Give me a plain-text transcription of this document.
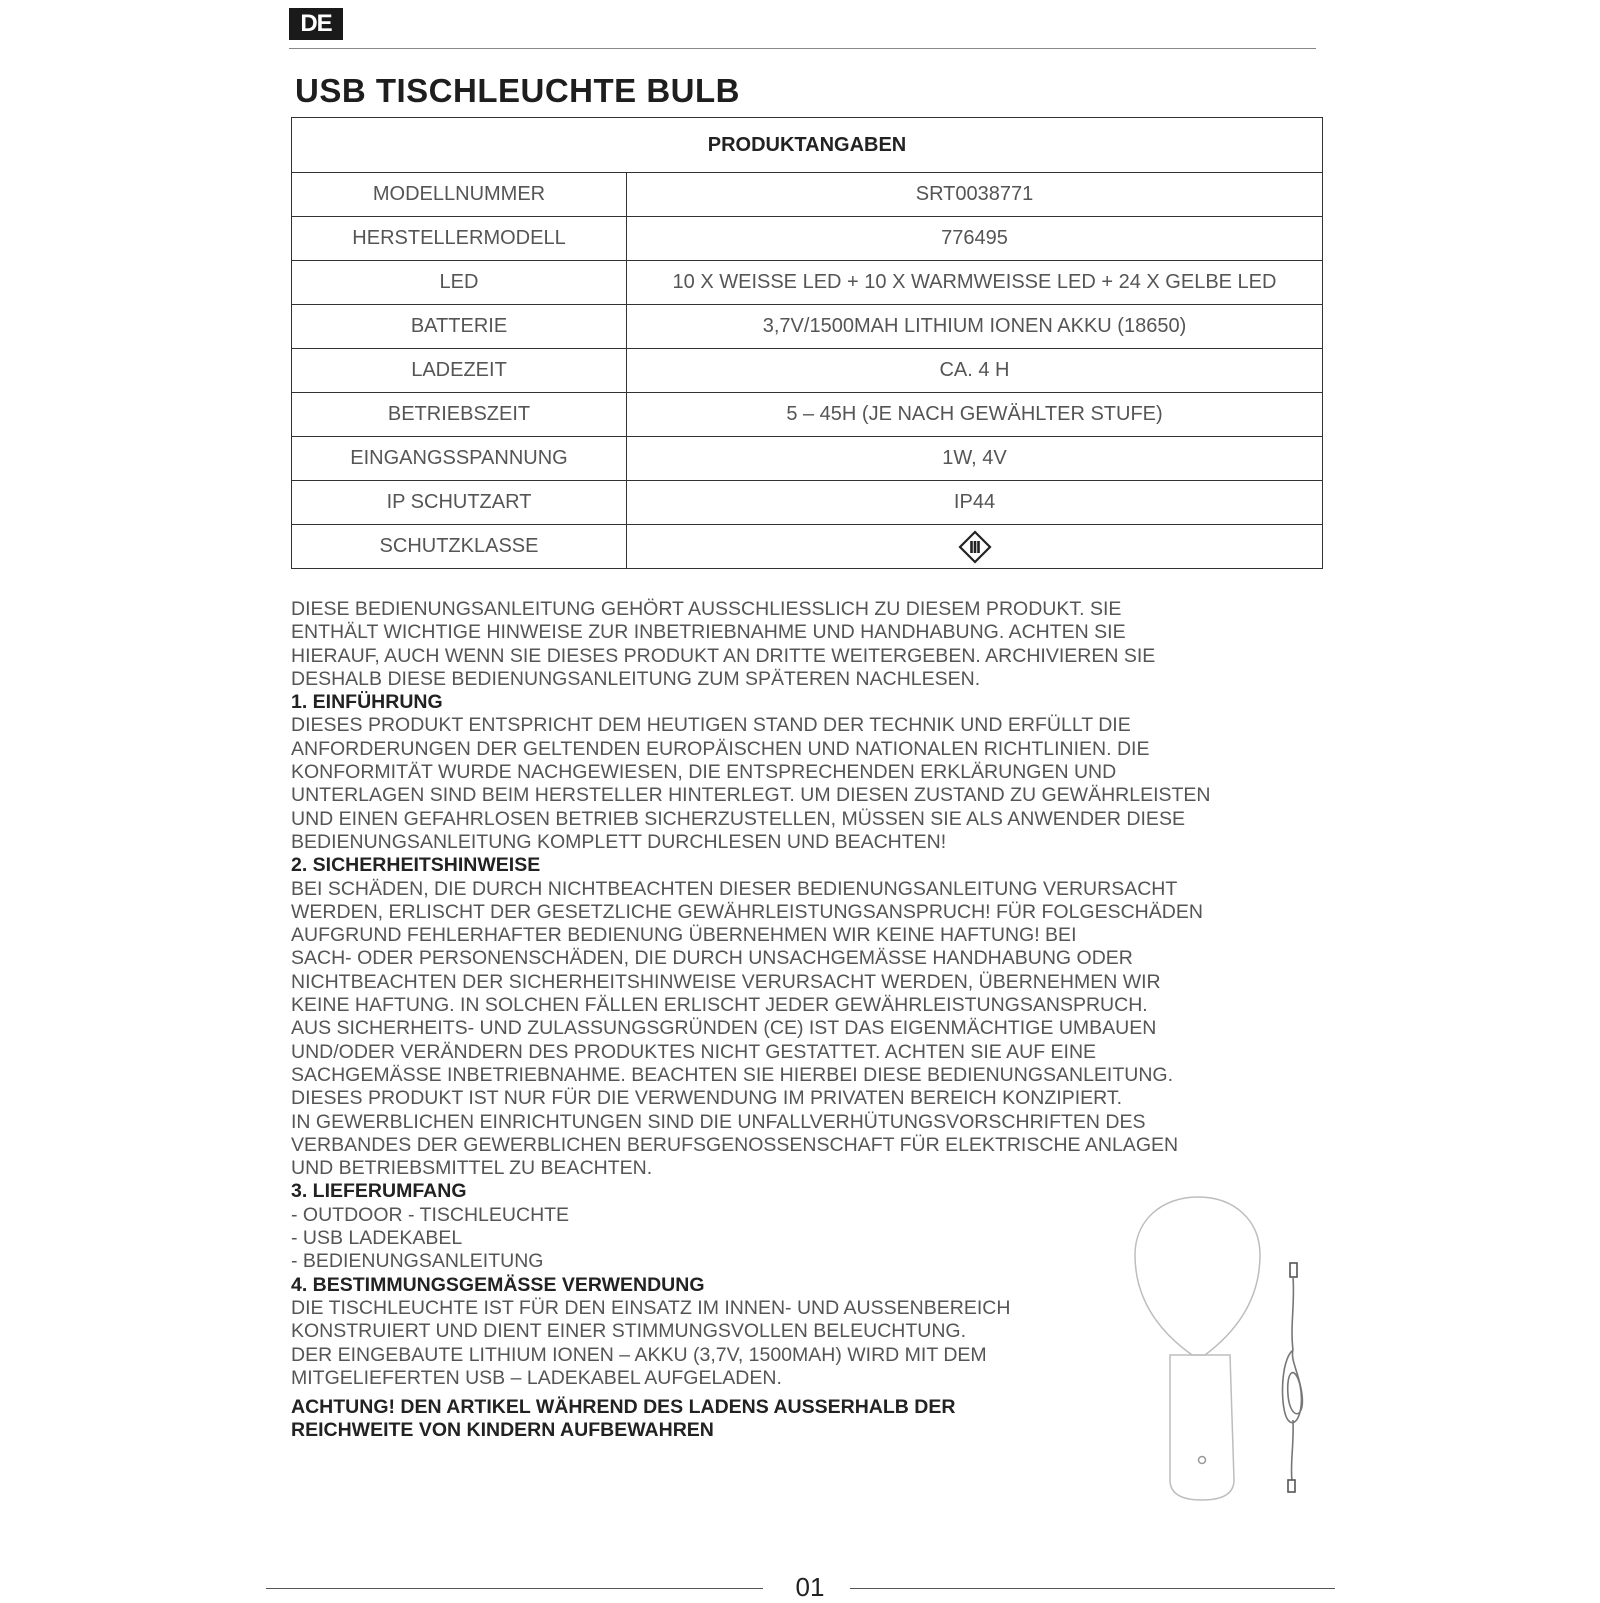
DE
USB TISCHLEUCHTE BULB
PRODUKTANGABEN	
MODELLNUMMER	SRT0038771
HERSTELLERMODELL	776495
LED	10 X WEISSE LED + 10 X WARMWEISSE LED + 24 X GELBE LED
BATTERIE	3,7V/1500MAH LITHIUM IONEN AKKU (18650)
LADEZEIT	CA. 4 H
BETRIEBSZEIT	5 – 45H (JE NACH GEWÄHLTER STUFE)
EINGANGSSPANNUNG	1W, 4V
IP SCHUTZART	IP44
SCHUTZKLASSE	

DIESE BEDIENUNGSANLEITUNG GEHÖRT AUSSCHLIESSLICH ZU DIESEM PRODUKT. SIE

ENTHÄLT WICHTIGE HINWEISE ZUR INBETRIEBNAHME UND HANDHABUNG. ACHTEN SIE

HIERAUF, AUCH WENN SIE DIESES PRODUKT AN DRITTE WEITERGEBEN. ARCHIVIEREN SIE

DESHALB DIESE BEDIENUNGSANLEITUNG ZUM SPÄTEREN NACHLESEN.

1. EINFÜHRUNG

DIESES PRODUKT ENTSPRICHT DEM HEUTIGEN STAND DER TECHNIK UND ERFÜLLT DIE

ANFORDERUNGEN DER GELTENDEN EUROPÄISCHEN UND NATIONALEN RICHTLINIEN. DIE

KONFORMITÄT WURDE NACHGEWIESEN, DIE ENTSPRECHENDEN ERKLÄRUNGEN UND

UNTERLAGEN SIND BEIM HERSTELLER HINTERLEGT. UM DIESEN ZUSTAND ZU GEWÄHRLEISTEN

UND EINEN GEFAHRLOSEN BETRIEB SICHERZUSTELLEN, MÜSSEN SIE ALS ANWENDER DIESE

BEDIENUNGSANLEITUNG KOMPLETT DURCHLESEN UND BEACHTEN!

2. SICHERHEITSHINWEISE

BEI SCHÄDEN, DIE DURCH NICHTBEACHTEN DIESER BEDIENUNGSANLEITUNG VERURSACHT

WERDEN, ERLISCHT DER GESETZLICHE GEWÄHRLEISTUNGSANSPRUCH! FÜR FOLGESCHÄDEN

AUFGRUND FEHLERHAFTER BEDIENUNG ÜBERNEHMEN WIR KEINE HAFTUNG! BEI

SACH- ODER PERSONENSCHÄDEN, DIE DURCH UNSACHGEMÄSSE HANDHABUNG ODER

NICHTBEACHTEN DER SICHERHEITSHINWEISE VERURSACHT WERDEN, ÜBERNEHMEN WIR

KEINE HAFTUNG. IN SOLCHEN FÄLLEN ERLISCHT JEDER GEWÄHRLEISTUNGSANSPRUCH.

AUS SICHERHEITS- UND ZULASSUNGSGRÜNDEN (CE) IST DAS EIGENMÄCHTIGE UMBAUEN

UND/ODER VERÄNDERN DES PRODUKTES NICHT GESTATTET. ACHTEN SIE AUF EINE

SACHGEMÄSSE INBETRIEBNAHME. BEACHTEN SIE HIERBEI DIESE BEDIENUNGSANLEITUNG.

DIESES PRODUKT IST NUR FÜR DIE VERWENDUNG IM PRIVATEN BEREICH KONZIPIERT.

IN GEWERBLICHEN EINRICHTUNGEN SIND DIE UNFALLVERHÜTUNGSVORSCHRIFTEN DES

VERBANDES DER GEWERBLICHEN BERUFSGENOSSENSCHAFT FÜR ELEKTRISCHE ANLAGEN

UND BETRIEBSMITTEL ZU BEACHTEN.

3. LIEFERUMFANG

- OUTDOOR - TISCHLEUCHTE

- USB LADEKABEL

- BEDIENUNGSANLEITUNG

4. BESTIMMUNGSGEMÄSSE VERWENDUNG

DIE TISCHLEUCHTE IST FÜR DEN EINSATZ IM INNEN- UND AUSSENBEREICH

KONSTRUIERT UND DIENT EINER STIMMUNGSVOLLEN BELEUCHTUNG.

DER EINGEBAUTE LITHIUM IONEN – AKKU (3,7V, 1500MAH) WIRD MIT DEM

MITGELIEFERTEN USB – LADEKABEL AUFGELADEN.

ACHTUNG! DEN ARTIKEL WÄHREND DES LADENS AUSSERHALB DER

REICHWEITE VON KINDERN AUFBEWAHREN

01
